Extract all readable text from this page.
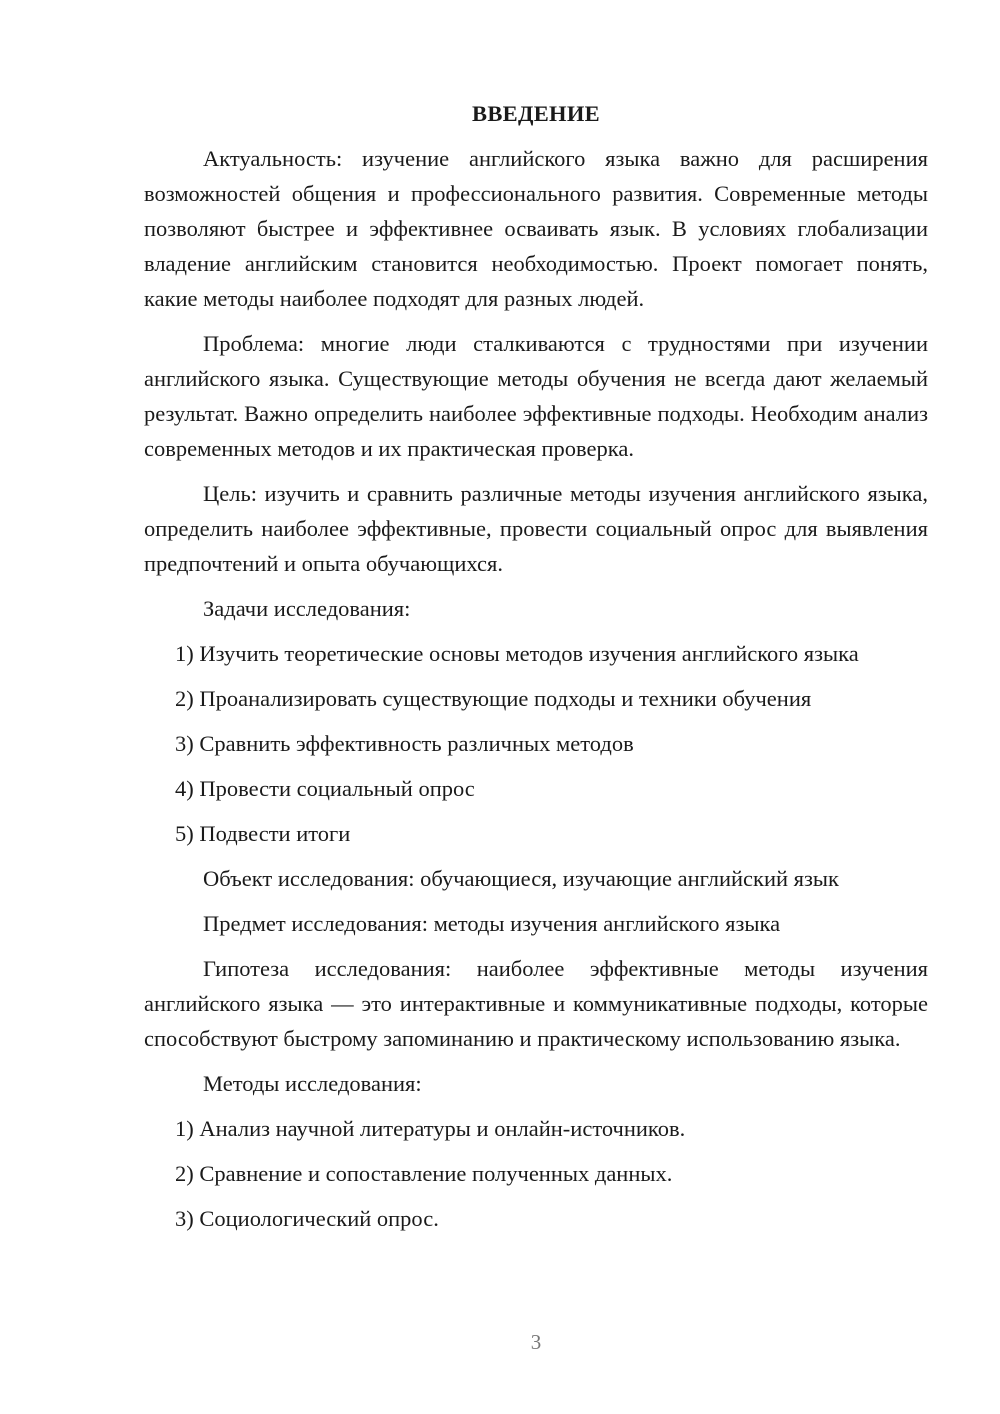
ВВЕДЕНИЕ
Актуальность: изучение английского языка важно для расширения возможностей общения и профессионального развития. Современные методы позволяют быстрее и эффективнее осваивать язык. В условиях глобализации владение английским становится необходимостью. Проект помогает понять, какие методы наиболее подходят для разных людей.
Проблема: многие люди сталкиваются с трудностями при изучении английского языка. Существующие методы обучения не всегда дают желаемый результат. Важно определить наиболее эффективные подходы. Необходим анализ современных методов и их практическая проверка.
Цель: изучить и сравнить различные методы изучения английского языка, определить наиболее эффективные, провести социальный опрос для выявления предпочтений и опыта обучающихся.
Задачи исследования:
1) Изучить теоретические основы методов изучения английского языка
2) Проанализировать существующие подходы и техники обучения
3) Сравнить эффективность различных методов
4) Провести социальный опрос
5) Подвести итоги
Объект исследования: обучающиеся, изучающие английский язык
Предмет исследования: методы изучения английского языка
Гипотеза исследования: наиболее эффективные методы изучения английского языка — это интерактивные и коммуникативные подходы, которые способствуют быстрому запоминанию и практическому использованию языка.
Методы исследования:
1) Анализ научной литературы и онлайн-источников.
2) Сравнение и сопоставление полученных данных.
3) Социологический опрос.
3
